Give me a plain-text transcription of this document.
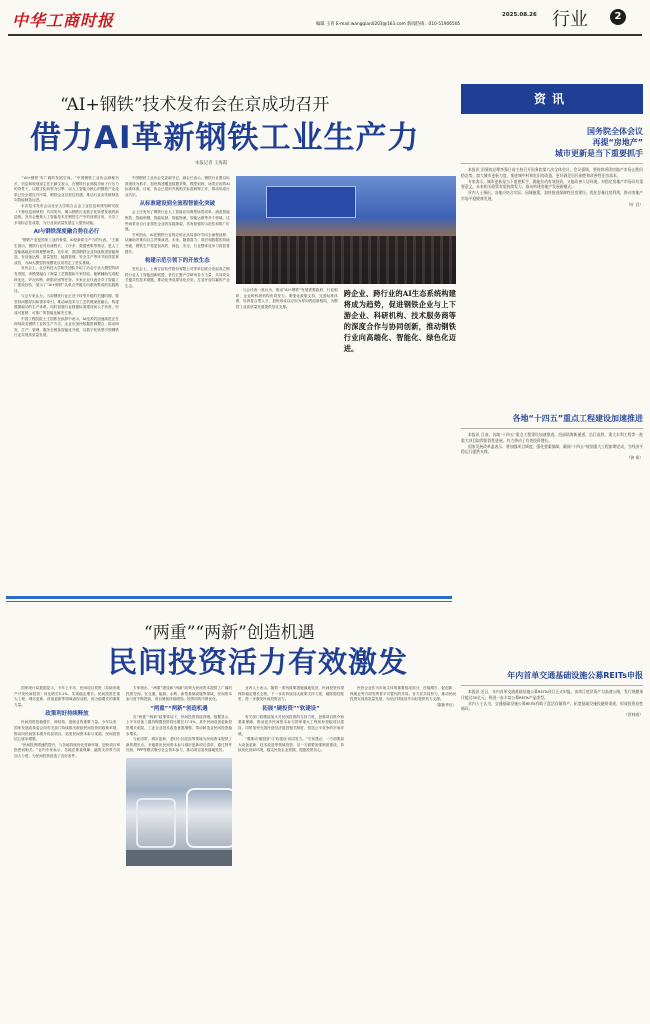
中华工商时报	2025.08.26
编辑 王青 E-mail:wangqian0203@163.com 新闻热线：010-51906505	行业	2
“AI+钢铁”技术发布会在京成功召开
借力AI革新钢铁工业生产力
本报记者 王海霞

“‘AI+钢铁’有广阔的发展空间。”中国钢铁工业协会副秘书长、信息和规划部主任王颖生表示，在钢铁行业面临市场下行压力的背景下，以数字化转型为引擎、以人工智能为核心的钢铁产业变革已经全面拉开序幕，钢铁企业应抓住机遇，推动行业由传统制造向智能制造迈进。

本次技术发布会由北京大学联合会金工业信息和规划研究院（下称信息和规划）共同发布，揭示钢铁行业数字化转型发展的新趋势。发布会聚焦人工智能技术在钢铁生产中的深度应用，分享了多项标志性成果，为行业高质量发展注入强劲动能。

AI与钢铁深度融合势在必行

“钢铁产业是国家工业的脊梁，AI是新质生产力的代表。”王颖生指出，钢铁行业具有流程长、工序多、数据密集等特点，是人工智能落地应用的理想场景。近年来，我国钢铁企业持续推进智能制造，在设备运维、质量管控、能源管理、安全生产等环节取得显著成效，为AI大模型的规模化应用奠定了坚实基础。

发布会上，北京科技大学相关团队介绍了冶金专业大模型的研发进展，该模型融合了海量工艺数据和专家经验，能够辅助完成配料优化、炉况诊断、缺陷识别等任务。多家企业代表分享了智能工厂建设经验，展示了“AI+钢铁”从单点突破走向系统集成的实践路径。

与会专家认为，当前钢铁行业正处于转型升级的关键时期，要坚持问题导向和需求牵引，推动AI技术与工艺机理深度融合，构建数据驱动的生产体系，同时加强行业数据标准建设和人才培养，形成可复制、可推广的智能化解决方案。

中国工程院院士王国栋在致辞中表示，AI技术的加速演进正在深刻改变钢铁工业的生产方式，企业应加快数据资源整合，推动研发、生产、管理、服务全链条智能化升级，以数字化转型引领钢铁行业实现高质量发展。

中国钢铁工业协会党委副书记、副会长表示，钢铁行业要以标准建设为抓手，加快构建覆盖数据采集、模型训练、场景应用的AI标准体系。目前，协会已组织开展相关标准研制工作，推动形成行业共识。

从标准建设到全流程智能化突破

会上还发布了钢铁行业人工智能应用典型场景清单，涵盖智能炼铁、智能炼钢、智能轧制、智能物流、智能运维等多个领域。这些场景来自行业领先企业的实践探索，具有较强的示范性和推广价值。

专家指出，AI在钢铁行业的应用正从局部环节向全流程延伸，从辅助决策向自主决策演进。未来，随着算力、算法和数据的持续突破，钢铁生产将更加高效、绿色、安全，行业整体竞争力将显著提升。

构建示范引领下的开放生态

发布会上，上海宝信软件股份有限公司等单位联合发起成立钢铁行业人工智能创新联盟，旨在汇聚产学研用各方力量，共同攻克关键共性技术难题，推动优秀成果转化应用，打造开放共赢的产业生态。

与会代表一致认为，推动“AI+钢铁”发展需要政府、行业组织、企业和科研机构协同发力。要强化政策支持，完善标准体系，培育复合型人才，加快形成以应用为导向的创新格局，为钢铁工业高质量发展提供坚实支撑。

跨企业、跨行业的AI生态系统构建将成为趋势，促进钢铁企业与上下游企业、科研机构、技术服务商等的深度合作与协同创新，推动钢铁行业向高端化、智能化、绿色化迈进。
“两重”“两新”创造机遇
民间投资活力有效激发

国家统计局数据显示，今年上半年，民间项目投资（扣除房地产开发民间投资）同比增长5.1%，实现稳定增长。民间投资在重大工程、城市更新、设备更新等领域表现活跃，成为稳增长的重要力量。

政策利好持续释放

民间投资是稳增长、调结构、促就业的重要力量。今年以来，国家发展改革委会同有关部门持续推出鼓励民间投资的政策举措，推动向民间资本推介优质项目，拓宽民间资本参与渠道，民间投资信心逐步增强。

“民间投资增速的提升，与各地持续优化营商环境、加快项目审批密切相关。”业内专家表示，各地在要素保障、融资支持等方面加大力度，为民间投资创造了良好条件。

专家指出，“两重”建设和“两新”政策为民间资本提供了广阔的投资空间。在交通、能源、水利、新型基础设施等领域，民间资本参与度不断提高，项目储备持续增加，投资结构不断优化。

“两重”“两新”创造机遇

在“两重”“两新”政策带动下，民间投资持续回暖。数据显示，上半年设备工器具购置投资同比增长17.3%，其中民间设备更新投资增长明显，工业企业技术改造意愿增强，带动制造业民间投资稳步增长。

与此同时，城市更新、老旧小区改造等领域为民间资本提供了新的增长点。多地推出民间资本参与城市更新项目清单，通过特许经营、PPP等模式吸引社会资本参与，推动项目加快落地见效。

业内人士表示，随着一系列政策措施落地见效，民间投资有望保持稳定增长态势，下一步应持续加大政策支持力度，破除隐性壁垒，进一步激发民间投资活力。

拓展“硬投资”“软建设”

有关部门将继续加大对民间投资的支持力度，加强项目推介和要素保障，推动更多民间资本参与国家重大工程和补短板项目建设，同时加快完善民营经济促进相关制度，营造公平竞争的市场环境。

“要推动‘硬投资’与‘软建设’协同发力。”专家建议，一方面要加大设备更新、技术改造等领域投资，另一方面要加强制度建设，持续优化营商环境，稳定民营企业预期，提振投资信心。

民营企业作为市场主体的重要组成部分，在稳增长、促创新、保就业等方面发挥着不可替代的作用。各方应共同努力，推动民间投资实现高质量发展，为经济持续回升向好提供有力支撑。

（据新华社）

资讯
国务院全体会议
再提“房地产”
城市更新是当下重要抓手

本报讯 国务院总理李强日前主持召开国务院第九次全体会议，会议强调，要持续巩固房地产市场止跌回稳态势，加大城市更新力度，推进城中村和危旧房改造，更好满足居民刚性和改善性住房需求。

专家表示，城市更新是当下重要抓手，既能拉动有效投资，又能改善人居环境，对稳定房地产市场具有重要意义。未来相关政策有望持续发力，推动构建房地产发展新模式。

业内人士指出，各地应结合实际，因城施策，加快推进保障性住房建设，优化存量住房利用，推动房地产市场平稳健康发展。

（叶 君）

各地“十四五”重点工程建设加速推进

本报讯 目前，各地“十四五”重点工程建设加速推进。西部陆海新通道、沿江高铁、重大水利工程等一批重大项目取得阶段性进展，有力带动了有效投资增长。

国家发展改革委表示，将加强项目调度，强化要素保障，确保“十四五”规划重大工程如期完成，为经济平稳运行提供支撑。

（钟 泰）

年内首单交通基础设施公募REITs申报

本报讯 近日，年内首单交通基础设施公募REITs项目正式申报。该项目底层资产为高速公路，发行规模预计超过30亿元，将进一步丰富公募REITs产品类型。

业内人士认为，交通基础设施公募REITs有助于盘活存量资产，拓宽基础设施投融资渠道，形成投资良性循环。

（晋林南）
